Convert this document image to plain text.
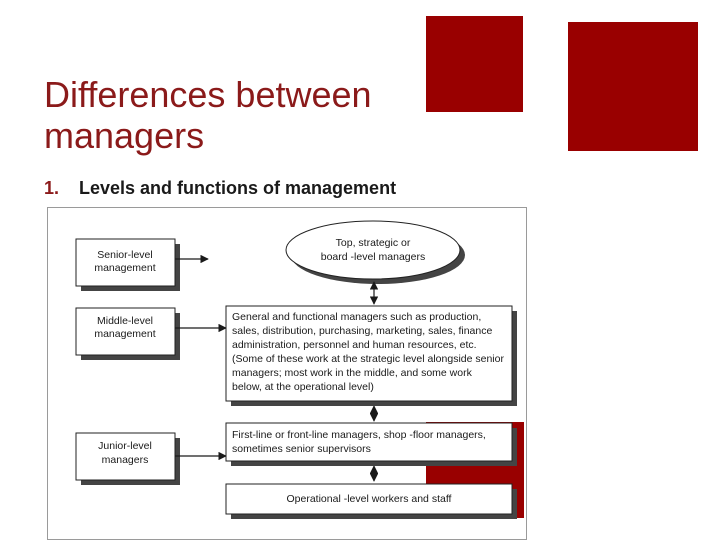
Differences between
managers
1. Levels and functions of management
Senior-level
management
Middle-level
management
Junior-level
managers
Top, strategic or
board -level managers
General and functional managers such as production,
sales, distribution, purchasing, marketing, sales, finance
administration, personnel and human resources, etc.
(Some of these work at the strategic level alongside senior
managers; most work in the middle, and some work
below, at the operational level)
First-line or front-line managers, shop -floor managers,
sometimes senior supervisors
Operational -level workers and staff
